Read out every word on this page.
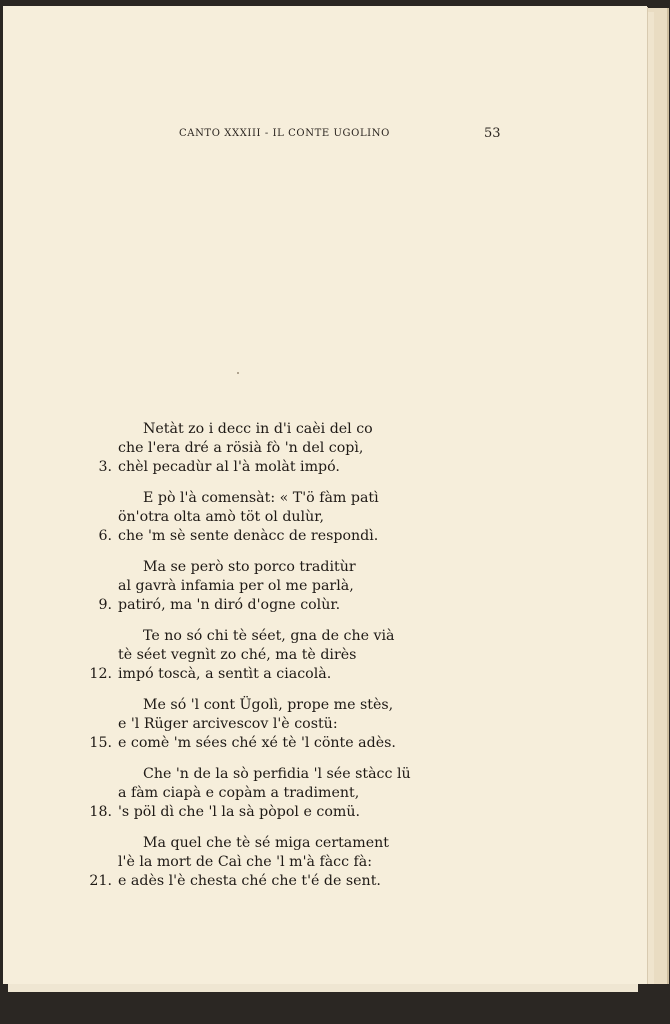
CANTO XXXIII - IL CONTE UGOLINO	53
Netàt zo i decc in d'i caèi del co
che l'era dré a rösià fò 'n del copì,
3. chèl pecadùr al l'à molàt impó.
E pò l'à comensàt: « T'ö fàm patì
ön'otra olta amò töt ol dulùr,
6. che 'm sè sente denàcc de respondì.
Ma se però sto porco traditùr
al gavrà infamia per ol me parlà,
9. patiró, ma 'n diró d'ogne colùr.
Te no só chi tè séet, gna de che vià
tè séet vegnìt zo ché, ma tè dirès
12. impó toscà, a sentìt a ciacolà.
Me só 'l cont Ügolì, prope me stès,
e 'l Rüger arcivescov l'è costü:
15. e comè 'm sées ché xé tè 'l cönte adès.
Che 'n de la sò perfidia 'l sée stàcc lü
a fàm ciapà e copàm a tradiment,
18. 's pöl dì che 'l la sà pòpol e comü.
Ma quel che tè sé miga certament
l'è la mort de Caì che 'l m'à fàcc fà:
21. e adès l'è chesta ché che t'é de sent.
